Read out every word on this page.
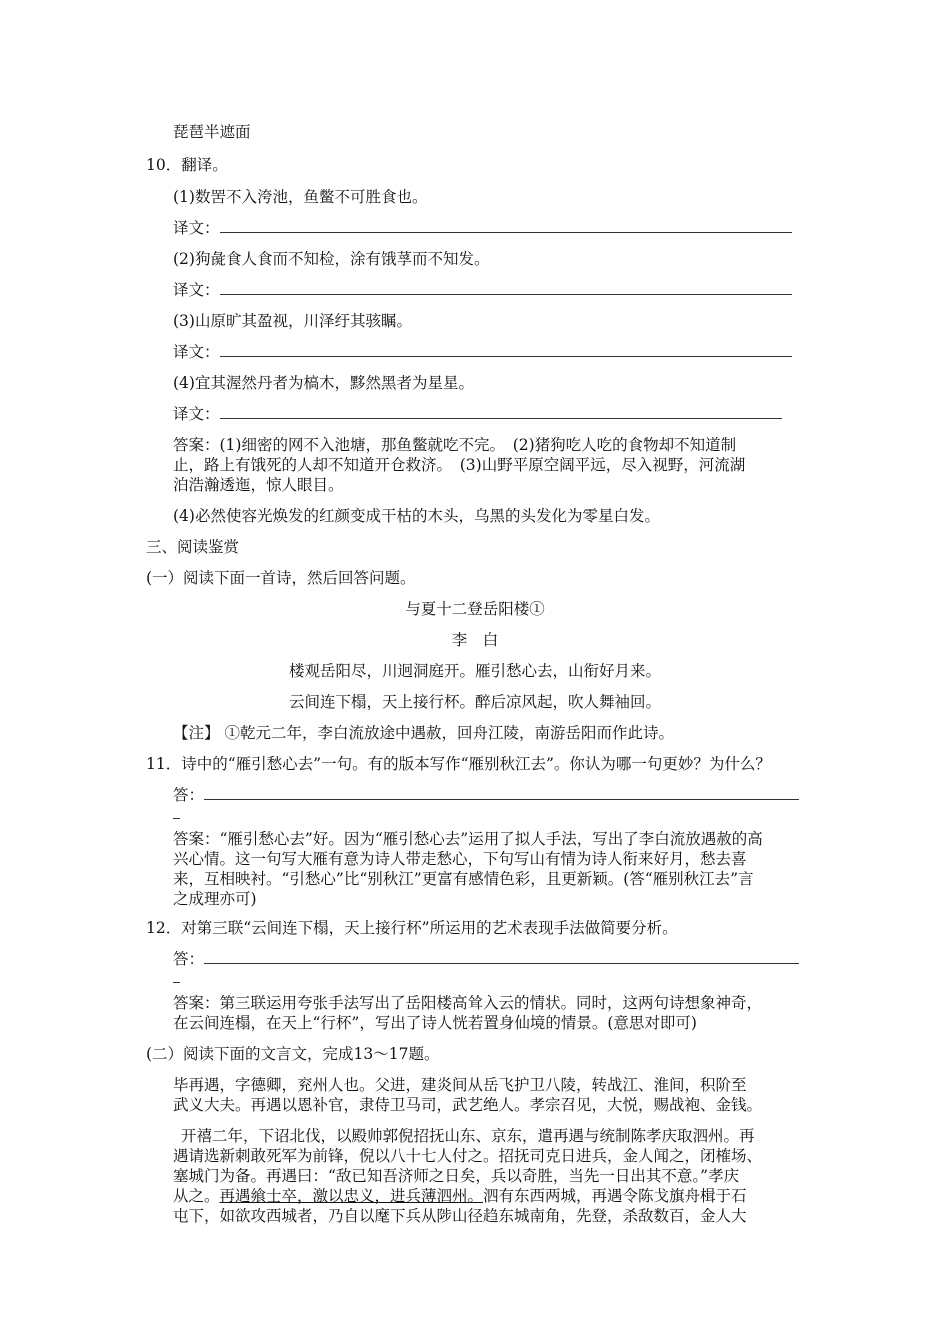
琵琶半遮面
10．翻译。
(1)数罟不入洿池，鱼鳖不可胜食也。
译文：
(2)狗彘食人食而不知检，涂有饿莩而不知发。
译文：
(3)山原旷其盈视，川泽纡其骇瞩。
译文：
(4)宜其渥然丹者为槁木，黟然黑者为星星。
译文：
答案：(1)细密的网不入池塘，那鱼鳖就吃不完。　(2)猪狗吃人吃的食物却不知道制
止，路上有饿死的人却不知道开仓救济。　(3)山野平原空阔平远，尽入视野，河流湖
泊浩瀚透迤，惊人眼目。
(4)必然使容光焕发的红颜变成干枯的木头，乌黑的头发化为零星白发。
三、阅读鉴赏
(一）阅读下面一首诗，然后回答问题。
与夏十二登岳阳楼①
李　白
楼观岳阳尽，川迥洞庭开。雁引愁心去，山衔好月来。
云间连下榻，天上接行杯。醉后凉风起，吹人舞袖回。
【注】 ①乾元二年，李白流放途中遇赦，回舟江陵，南游岳阳而作此诗。
11．诗中的“雁引愁心去”一句。有的版本写作“雁别秋江去”。你认为哪一句更妙？为什么？
答：
答案：“雁引愁心去”好。因为“雁引愁心去”运用了拟人手法，写出了李白流放遇赦的高
兴心情。这一句写大雁有意为诗人带走愁心，下句写山有情为诗人衔来好月，愁去喜
来，互相映衬。“引愁心”比“别秋江”更富有感情色彩，且更新颖。(答“雁别秋江去”言
之成理亦可)
12．对第三联“云间连下榻，天上接行杯”所运用的艺术表现手法做简要分析。
答：
答案：第三联运用夸张手法写出了岳阳楼高耸入云的情状。同时，这两句诗想象神奇，
在云间连榻，在天上“行杯”，写出了诗人恍若置身仙境的情景。(意思对即可)
(二）阅读下面的文言文，完成13～17题。
毕再遇，字德卿，兖州人也。父进，建炎间从岳飞护卫八陵，转战江、淮间，积阶至
武义大夫。再遇以恩补官，隶侍卫马司，武艺绝人。孝宗召见，大悦，赐战袍、金钱。
开禧二年，下诏北伐，以殿帅郭倪招抚山东、京东，遣再遇与统制陈孝庆取泗州。再
遇请选新刺敢死军为前锋，倪以八十七人付之。招抚司克日进兵，金人闻之，闭榷场、
塞城门为备。再遇曰：“敌已知吾济师之日矣，兵以奇胜，当先一日出其不意。”孝庆
从之。再遇飨士卒，激以忠义，进兵薄泗州。泗有东西两城，再遇令陈戈旗舟楫于石
屯下，如欲攻西城者，乃自以麾下兵从陟山径趋东城南角，先登，杀敌数百，金人大
